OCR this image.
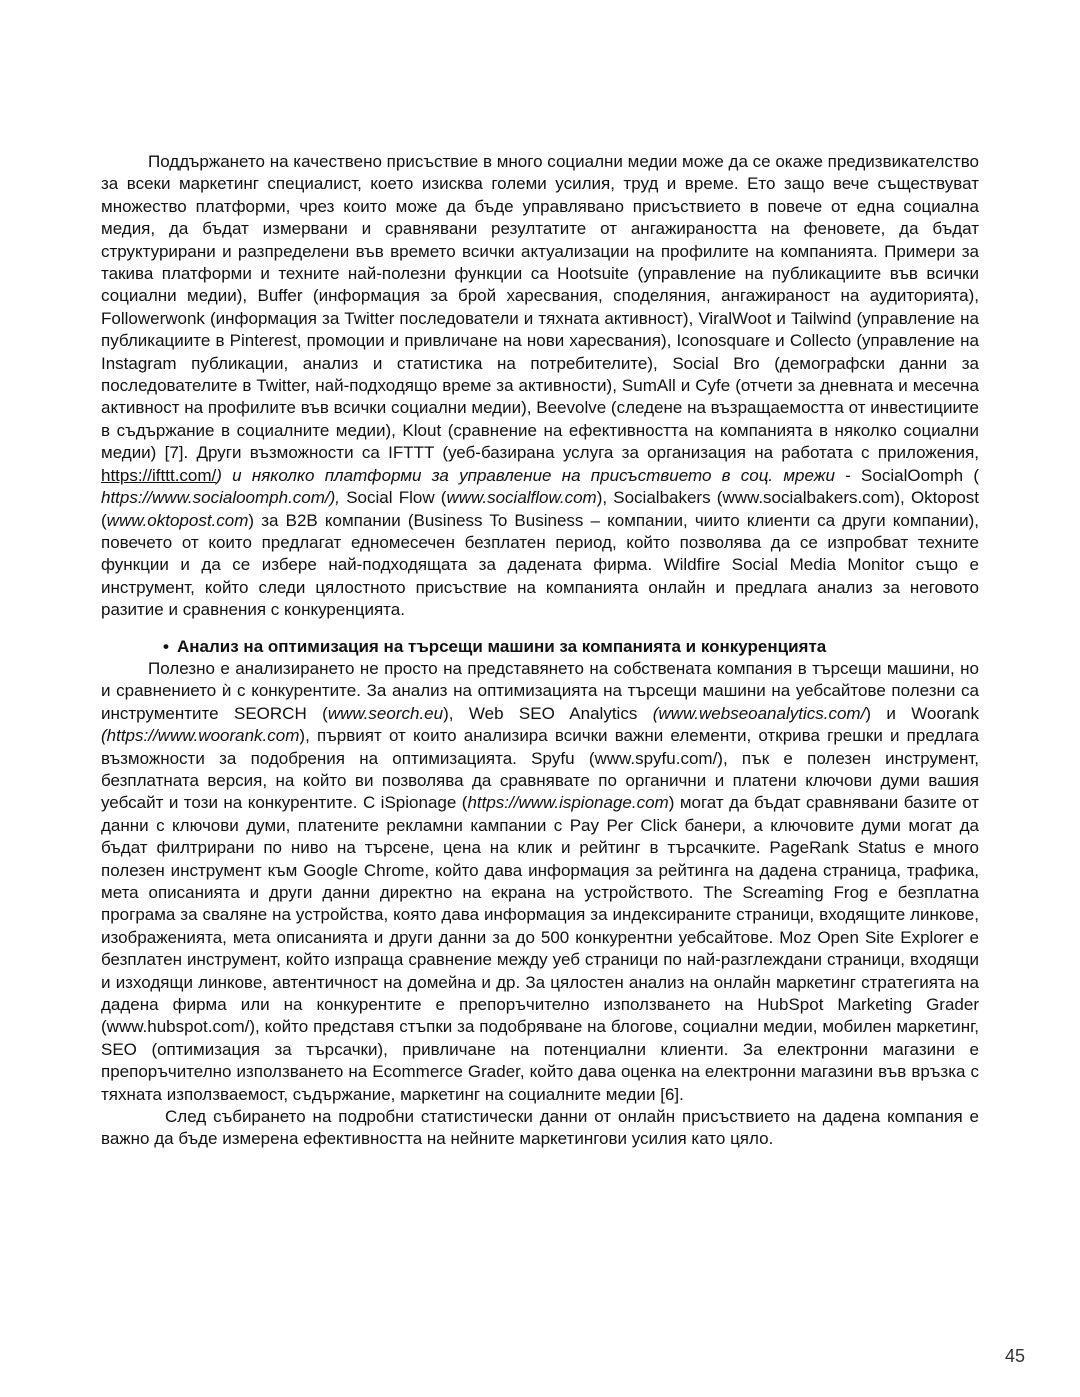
Поддържането на качествено присъствие в много социални медии може да се окаже предизвикателство за всеки маркетинг специалист, което изисква големи усилия, труд и време. Ето защо вече съществуват множество платформи, чрез които може да бъде управлявано присъствието в повече от една социална медия, да бъдат измервани и сравнявани резултатите от ангажираността на феновете, да бъдат структурирани и разпределени във времето всички актуализации на профилите на компанията. Примери за такива платформи и техните най-полезни функции са Hootsuite (управление на публикациите във всички социални медии), Buffer (информация за брой харесвания, споделяния, ангажираност на аудиторията), Followerwonk (информация за Twitter последователи и тяхната активност), ViralWoot и Tailwind (управление на публикациите в Pinterest, промоции и привличане на нови харесвания), Iconosquare и Collecto (управление на Instagram публикации, анализ и статистика на потребителите), Social Bro (демографски данни за последователите в Twitter, най-подходящо време за активности), SumAll и Cyfe (отчети за дневната и месечна активност на профилите във всички социални медии), Beevolve (следене на възращаемостта от инвестициите в съдържание в социалните медии), Klout (сравнение на ефективността на компанията в няколко социални медии) [7]. Други възможности са IFTTT (уеб-базирана услуга за организация на работата с приложения, https://ifttt.com/) и няколко платформи за управление на присъствието в соц. мрежи - SocialOomph ( https://www.socialoomph.com/), Social Flow (www.socialflow.com), Socialbakers (www.socialbakers.com), Oktopost (www.oktopost.com) за B2B компании (Business To Business – компании, чиито клиенти са други компании), повечето от които предлагат едномесечен безплатен период, който позволява да се изпробват техните функции и да се избере най-подходящата за дадената фирма. Wildfire Social Media Monitor също е инструмент, който следи цялостното присъствие на компанията онлайн и предлага анализ за неговото разитие и сравнения с конкуренцията.

• Анализ на оптимизация на търсещи машини за компанията и конкуренцията

Полезно е анализирането не просто на представянето на собствената компания в търсещи машини, но и сравнението ѝ с конкурентите. За анализ на оптимизацията на търсещи машини на уебсайтове полезни са инструментите SEORCH (www.seorch.eu), Web SEO Analytics (www.webseoanalytics.com/) и Woorank (https://www.woorank.com), първият от които анализира всички важни елементи, открива грешки и предлага възможности за подобрения на оптимизацията. Spyfu (www.spyfu.com/), пък е полезен инструмент, безплатната версия, на който ви позволява да сравнявате по органични и платени ключови думи вашия уебсайт и този на конкурентите. С iSpionage (https://www.ispionage.com) могат да бъдат сравнявани базите от данни с ключови думи, платените рекламни кампании с Pay Per Click банери, а ключовите думи могат да бъдат филтрирани по ниво на търсене, цена на клик и рейтинг в търсачките. PageRank Status е много полезен инструмент към Google Chrome, който дава информация за рейтинга на дадена страница, трафика, мета описанията и други данни директно на екрана на устройството. The Screaming Frog е безплатна програма за сваляне на устройства, която дава информация за индексираните страници, входящите линкове, изображенията, мета описанията и други данни за до 500 конкурентни уебсайтове. Moz Open Site Explorer е безплатен инструмент, който изпраща сравнение между уеб страници по най-разглеждани страници, входящи и изходящи линкове, автентичност на домейна и др. За цялостен анализ на онлайн маркетинг стратегията на дадена фирма или на конкурентите е препоръчително използването на HubSpot Marketing Grader (www.hubspot.com/), който представя стъпки за подобряване на блогове, социални медии, мобилен маркетинг, SEO (оптимизация за търсачки), привличане на потенциални клиенти. За електронни магазини е препоръчително използването на Ecommerce Grader, който дава оценка на електронни магазини във връзка с тяхната използваемост, съдържание, маркетинг на социалните медии [6].

След събирането на подробни статистически данни от онлайн присъствието на дадена компания е важно да бъде измерена ефективността на нейните маркетингови усилия като цяло.

45
